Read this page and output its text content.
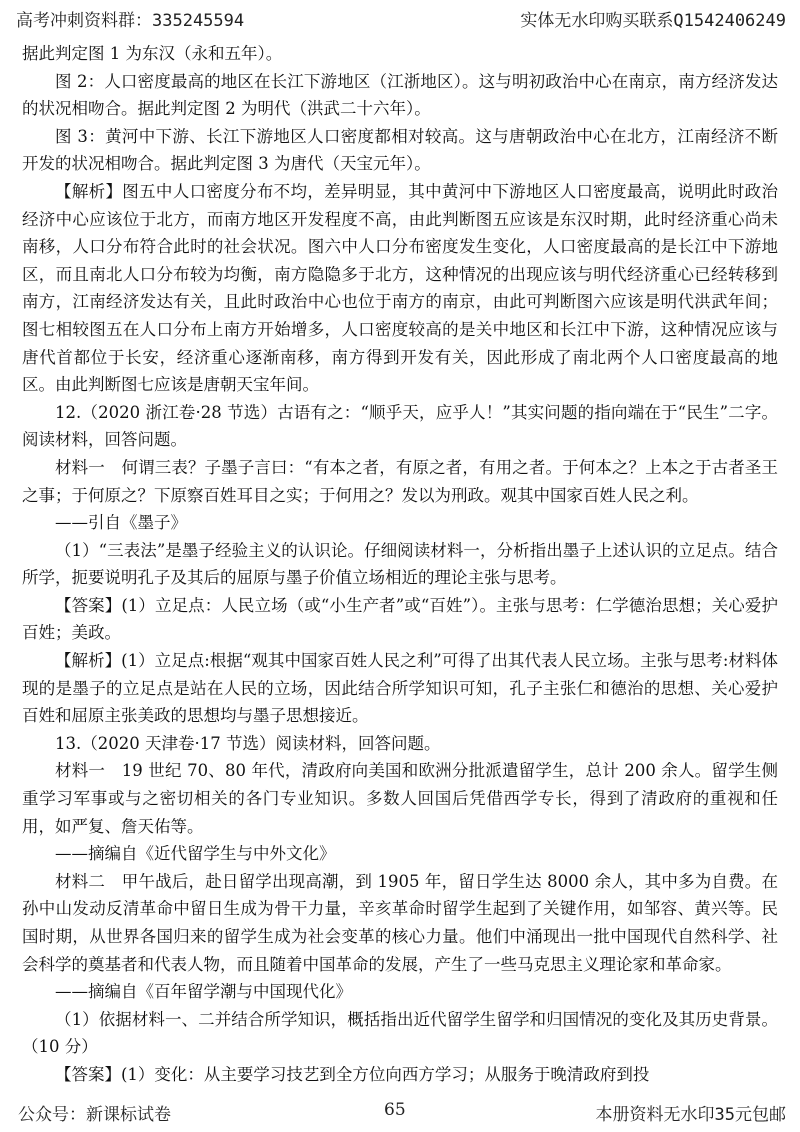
高考冲刺资料群：335245594	实体无水印购买联系Q1542406249

据此判定图 1 为东汉（永和五年）。

图 2：人口密度最高的地区在长江下游地区（江浙地区）。这与明初政治中心在南京，南方经济发达的状况相吻合。据此判定图 2 为明代（洪武二十六年）。

图 3：黄河中下游、长江下游地区人口密度都相对较高。这与唐朝政治中心在北方，江南经济不断开发的状况相吻合。据此判定图 3 为唐代（天宝元年）。

【解析】图五中人口密度分布不均，差异明显，其中黄河中下游地区人口密度最高，说明此时政治经济中心应该位于北方，而南方地区开发程度不高，由此判断图五应该是东汉时期，此时经济重心尚未南移，人口分布符合此时的社会状况。图六中人口分布密度发生变化，人口密度最高的是长江中下游地区，而且南北人口分布较为均衡，南方隐隐多于北方，这种情况的出现应该与明代经济重心已经转移到南方，江南经济发达有关，且此时政治中心也位于南方的南京，由此可判断图六应该是明代洪武年间；图七相较图五在人口分布上南方开始增多，人口密度较高的是关中地区和长江中下游，这种情况应该与唐代首都位于长安，经济重心逐渐南移，南方得到开发有关，因此形成了南北两个人口密度最高的地区。由此判断图七应该是唐朝天宝年间。

12.（2020 浙江卷·28 节选）古语有之：“顺乎天，应乎人！”其实问题的指向端在于“民生”二字。阅读材料，回答问题。

材料一　何谓三表？子墨子言曰：“有本之者，有原之者，有用之者。于何本之？上本之于古者圣王之事；于何原之？下原察百姓耳目之实；于何用之？发以为刑政。观其中国家百姓人民之利。

——引自《墨子》

（1）“三表法”是墨子经验主义的认识论。仔细阅读材料一，分析指出墨子上述认识的立足点。结合所学，扼要说明孔子及其后的屈原与墨子价值立场相近的理论主张与思考。

【答案】(1）立足点：人民立场（或“小生产者”或“百姓”）。主张与思考：仁学德治思想；关心爱护百姓；美政。

【解析】(1）立足点:根据“观其中国家百姓人民之利”可得了出其代表人民立场。主张与思考:材料体现的是墨子的立足点是站在人民的立场，因此结合所学知识可知，孔子主张仁和德治的思想、关心爱护百姓和屈原主张美政的思想均与墨子思想接近。

13.（2020 天津卷·17 节选）阅读材料，回答问题。

材料一　19 世纪 70、80 年代，清政府向美国和欧洲分批派遣留学生，总计 200 余人。留学生侧重学习军事或与之密切相关的各门专业知识。多数人回国后凭借西学专长，得到了清政府的重视和任用，如严复、詹天佑等。

——摘编自《近代留学生与中外文化》

材料二　甲午战后，赴日留学出现高潮，到 1905 年，留日学生达 8000 余人，其中多为自费。在孙中山发动反清革命中留日生成为骨干力量，辛亥革命时留学生起到了关键作用，如邹容、黄兴等。民国时期，从世界各国归来的留学生成为社会变革的核心力量。他们中涌现出一批中国现代自然科学、社会科学的奠基者和代表人物，而且随着中国革命的发展，产生了一些马克思主义理论家和革命家。

——摘编自《百年留学潮与中国现代化》

（1）依据材料一、二并结合所学知识，概括指出近代留学生留学和归国情况的变化及其历史背景。（10 分）

【答案】(1）变化：从主要学习技艺到全方位向西方学习；从服务于晚清政府到投

公众号：新课标试卷	65	本册资料无水印35元包邮
